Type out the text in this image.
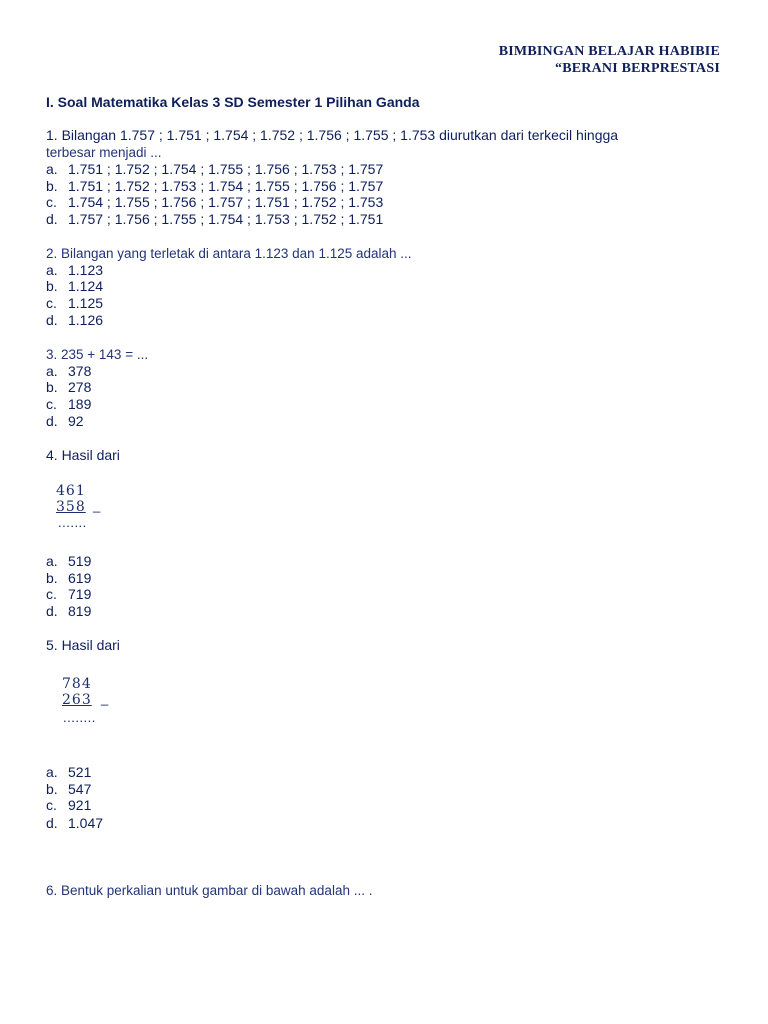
BIMBINGAN BELAJAR HABIBIE
“BERANI BERPRESTASI
I. Soal Matematika Kelas 3 SD Semester 1 Pilihan Ganda
1. Bilangan 1.757 ; 1.751 ; 1.754 ; 1.752 ; 1.756 ; 1.755 ; 1.753 diurutkan dari terkecil hingga
terbesar menjadi ...
a. 1.751 ; 1.752 ; 1.754 ; 1.755 ; 1.756 ; 1.753 ; 1.757
b. 1.751 ; 1.752 ; 1.753 ; 1.754 ; 1.755 ; 1.756 ; 1.757
c. 1.754 ; 1.755 ; 1.756 ; 1.757 ; 1.751 ; 1.752 ; 1.753
d. 1.757 ; 1.756 ; 1.755 ; 1.754 ; 1.753 ; 1.752 ; 1.751
2. Bilangan yang terletak di antara 1.123 dan 1.125 adalah ...
a. 1.123
b. 1.124
c. 1.125
d. 1.126
3. 235 + 143 = ...
a. 378
b. 278
c. 189
d. 92
4. Hasil dari
461
358 _
.......
a. 519
b. 619
c. 719
d. 819
5. Hasil dari
784
263 _
........
a. 521
b. 547
c. 921
d. 1.047
6. Bentuk perkalian untuk gambar di bawah adalah ... .
